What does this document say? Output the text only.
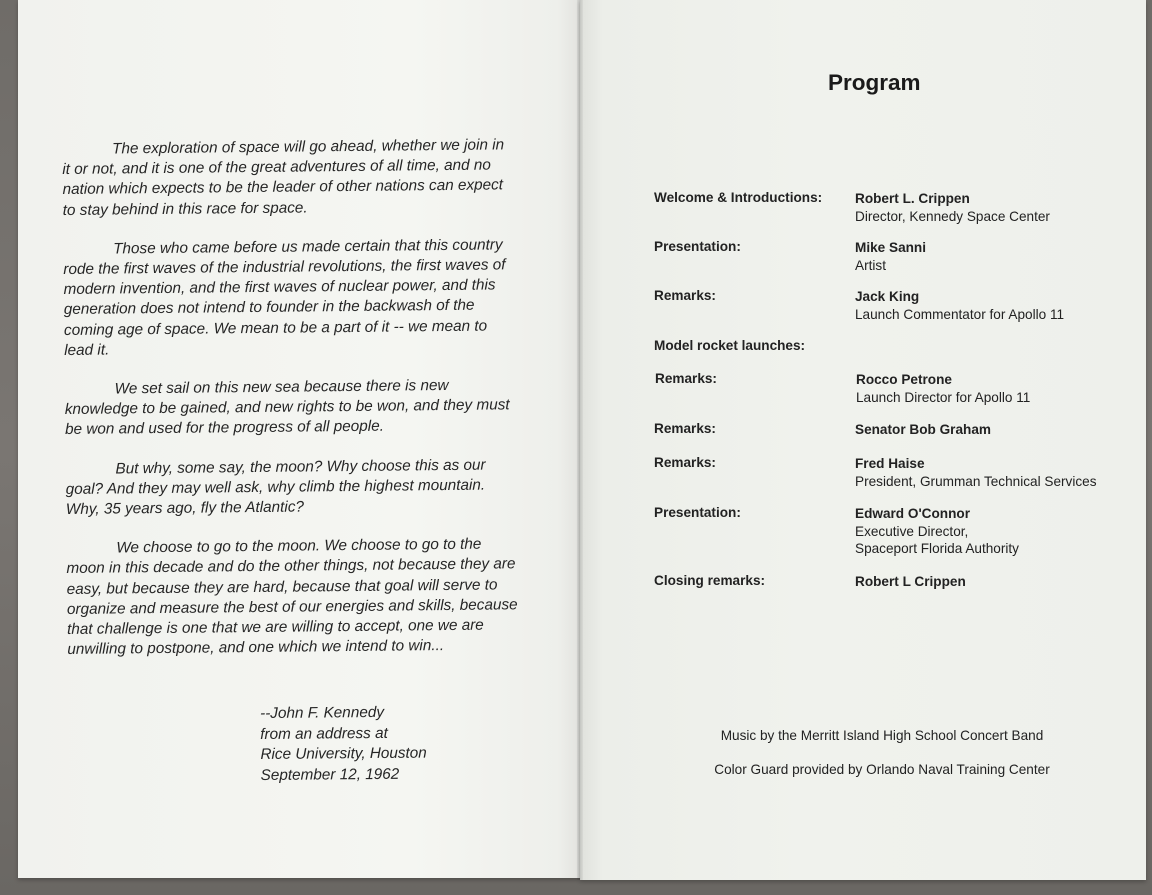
The exploration of space will go ahead, whether we join in it or not, and it is one of the great adventures of all time, and no nation which expects to be the leader of other nations can expect to stay behind in this race for space.

Those who came before us made certain that this country rode the first waves of the industrial revolutions, the first waves of modern invention, and the first waves of nuclear power, and this generation does not intend to founder in the backwash of the coming age of space. We mean to be a part of it -- we mean to lead it.

We set sail on this new sea because there is new knowledge to be gained, and new rights to be won, and they must be won and used for the progress of all people.

But why, some say, the moon? Why choose this as our goal? And they may well ask, why climb the highest mountain. Why, 35 years ago, fly the Atlantic?

We choose to go to the moon. We choose to go to the moon in this decade and do the other things, not because they are easy, but because they are hard, because that goal will serve to organize and measure the best of our energies and skills, because that challenge is one that we are willing to accept, one we are unwilling to postpone, and one which we intend to win...

--John F. Kennedy
from an address at
Rice University, Houston
September 12, 1962
Program
Welcome & Introductions: Robert L. Crippen
Director, Kennedy Space Center
Presentation:	Mike Sanni
Artist
Remarks:	Jack King
Launch Commentator for Apollo 11
Model rocket launches:
Remarks:	Rocco Petrone
Launch Director for Apollo 11
Remarks:	Senator Bob Graham
Remarks:	Fred Haise
President, Grumman Technical Services
Presentation:	Edward O'Connor
Executive Director,
Spaceport Florida Authority
Closing remarks:	Robert L Crippen
Music by the Merritt Island High School Concert Band
Color Guard provided by Orlando Naval Training Center
